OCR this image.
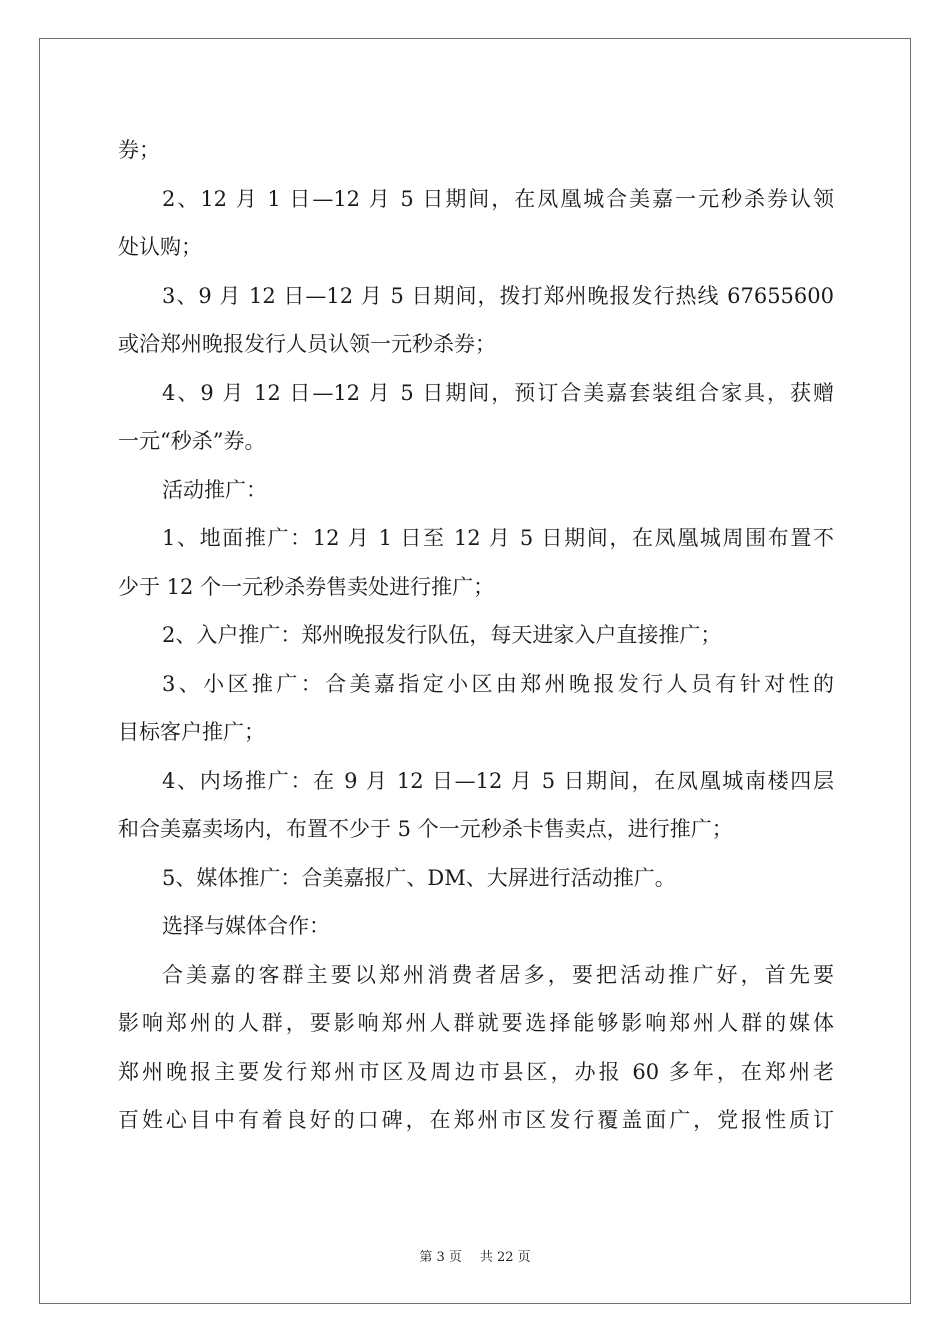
券；
2、12 月 1 日—12 月 5 日期间，在凤凰城合美嘉一元秒杀券认领
处认购；
3、9 月 12 日—12 月 5 日期间，拨打郑州晚报发行热线 67655600
或洽郑州晚报发行人员认领一元秒杀券；
4、9 月 12 日—12 月 5 日期间，预订合美嘉套装组合家具，获赠
一元“秒杀”券。
活动推广：
1、地面推广：12 月 1 日至 12 月 5 日期间，在凤凰城周围布置不
少于 12 个一元秒杀券售卖处进行推广；
2、入户推广：郑州晚报发行队伍，每天进家入户直接推广；
3、小区推广：合美嘉指定小区由郑州晚报发行人员有针对性的
目标客户推广；
4、内场推广：在 9 月 12 日—12 月 5 日期间，在凤凰城南楼四层
和合美嘉卖场内，布置不少于 5 个一元秒杀卡售卖点，进行推广；
5、媒体推广：合美嘉报广、DM、大屏进行活动推广。
选择与媒体合作：
合美嘉的客群主要以郑州消费者居多，要把活动推广好，首先要
影响郑州的人群，要影响郑州人群就要选择能够影响郑州人群的媒体
郑州晚报主要发行郑州市区及周边市县区，办报 60 多年，在郑州老
百姓心目中有着良好的口碑，在郑州市区发行覆盖面广，党报性质订
第 3 页 共 22 页
